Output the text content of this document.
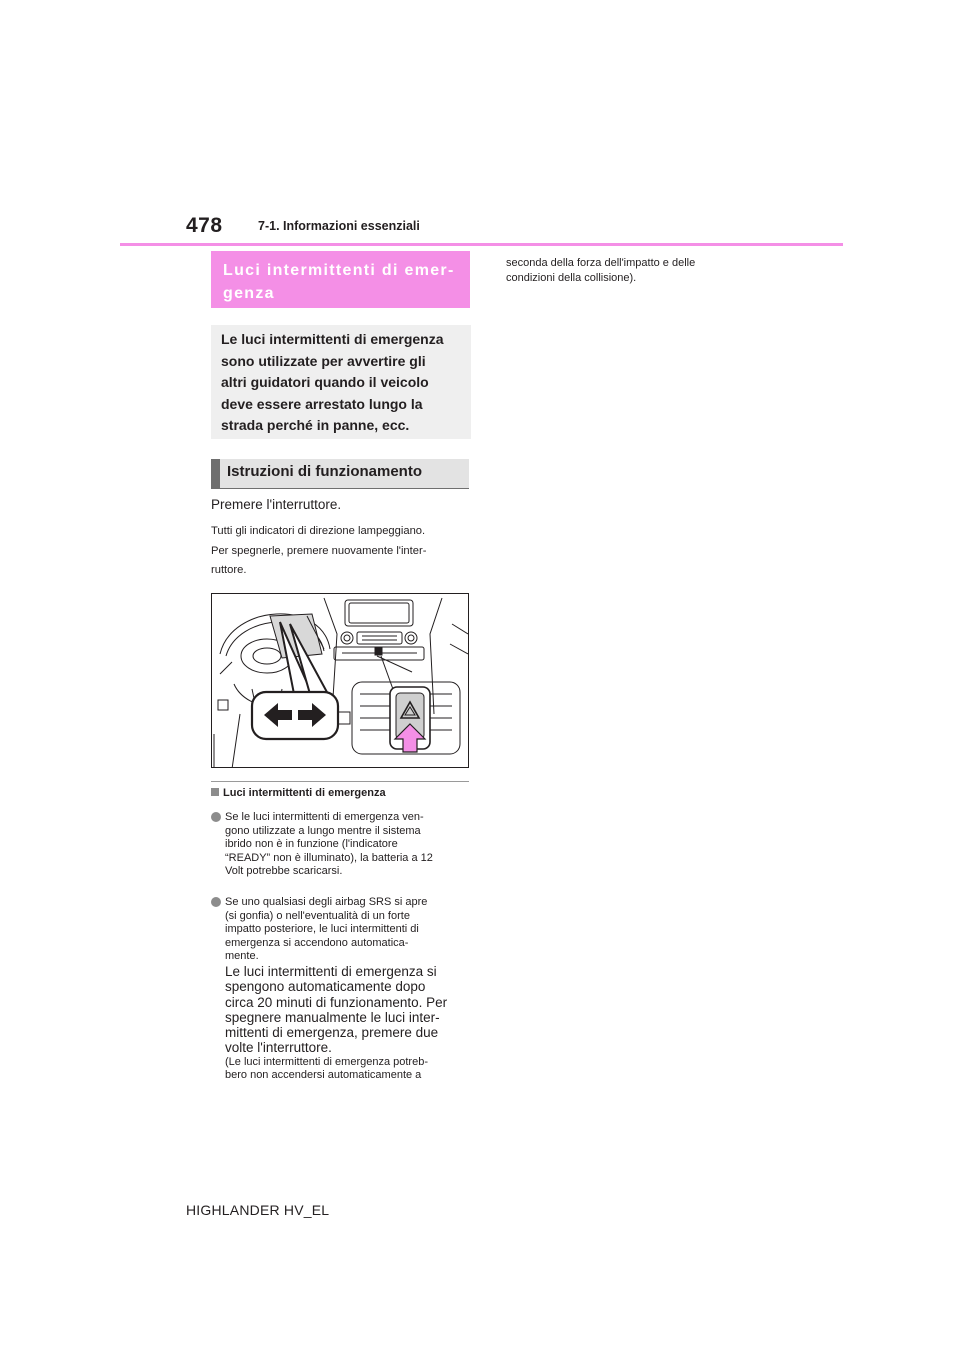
478	7-1. Informazioni essenziali
Luci intermittenti di emer-
genza

Le luci intermittenti di emergenza

sono utilizzate per avvertire gli

altri guidatori quando il veicolo

deve essere arrestato lungo la

strada perché in panne, ecc.

Istruzioni di funzionamento
Premere l'interruttore.
Tutti gli indicatori di direzione lampeggiano.
Per spegnerle, premere nuovamente l'inter-
ruttore.
Luci intermittenti di emergenza

Se le luci intermittenti di emergenza ven-

gono utilizzate a lungo mentre il sistema

ibrido non è in funzione (l'indicatore

“READY” non è illuminato), la batteria a 12

Volt potrebbe scaricarsi.

Se uno qualsiasi degli airbag SRS si apre

(si gonfia) o nell'eventualità di un forte

impatto posteriore, le luci intermittenti di

emergenza si accendono automatica-

mente.

Le luci intermittenti di emergenza si

spengono automaticamente dopo

circa 20 minuti di funzionamento. Per

spegnere manualmente le luci inter-

mittenti di emergenza, premere due

volte l'interruttore.

(Le luci intermittenti di emergenza potreb-

bero non accendersi automaticamente a

seconda della forza dell'impatto e delle
condizioni della collisione).
HIGHLANDER HV_EL
